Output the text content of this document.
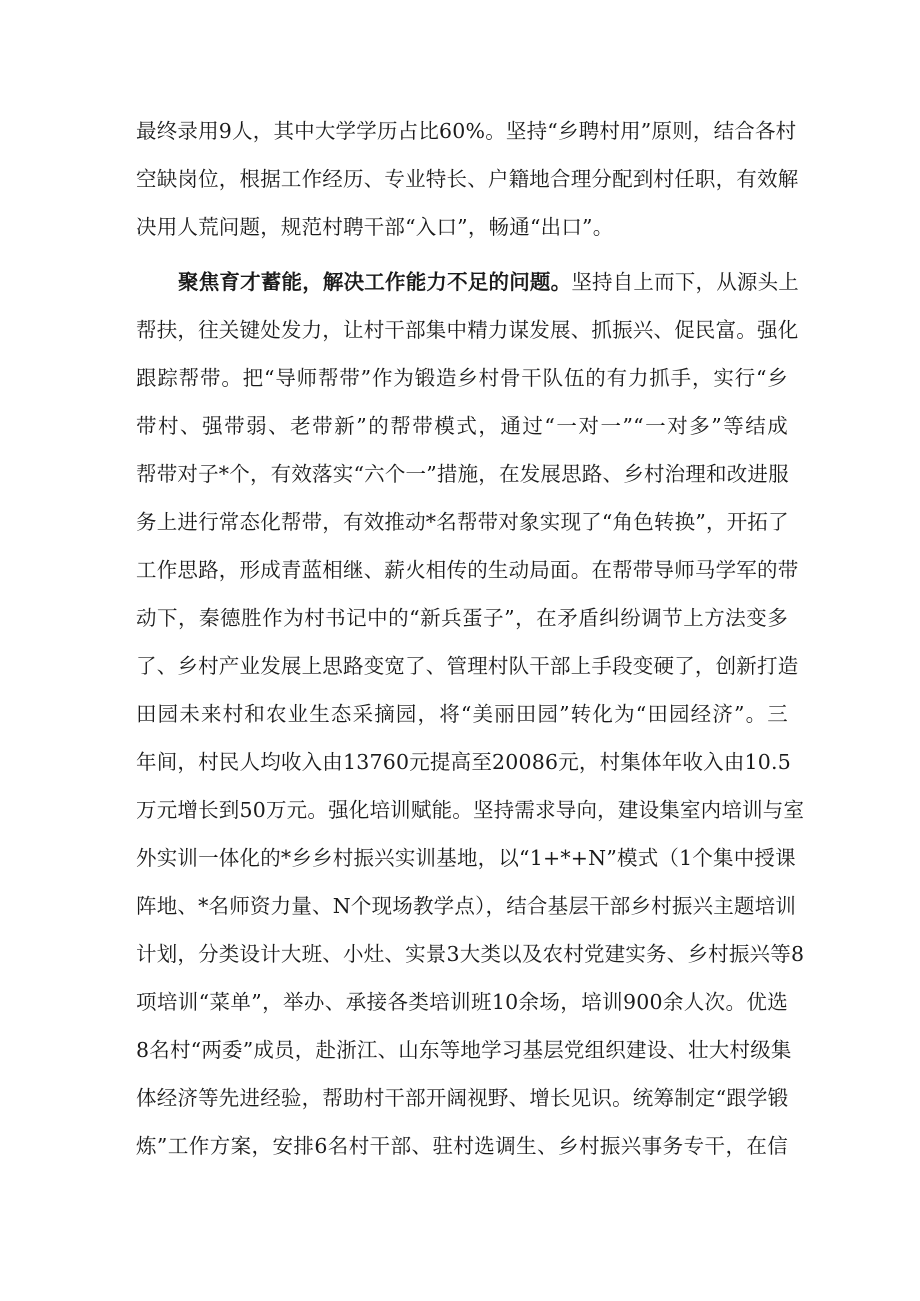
最终录用9人，其中大学学历占比60%。坚持“乡聘村用”原则，结合各村
空缺岗位，根据工作经历、专业特长、户籍地合理分配到村任职，有效解
决用人荒问题，规范村聘干部“入口”，畅通“出口”。
聚焦育才蓄能，解决工作能力不足的问题。坚持自上而下，从源头上
帮扶，往关键处发力，让村干部集中精力谋发展、抓振兴、促民富。强化
跟踪帮带。把“导师帮带”作为锻造乡村骨干队伍的有力抓手，实行“乡
带村、强带弱、老带新”的帮带模式，通过“一对一”“一对多”等结成
帮带对子*个，有效落实“六个一”措施，在发展思路、乡村治理和改进服
务上进行常态化帮带，有效推动*名帮带对象实现了“角色转换”，开拓了
工作思路，形成青蓝相继、薪火相传的生动局面。在帮带导师马学军的带
动下，秦德胜作为村书记中的“新兵蛋子”，在矛盾纠纷调节上方法变多
了、乡村产业发展上思路变宽了、管理村队干部上手段变硬了，创新打造
田园未来村和农业生态采摘园，将“美丽田园”转化为“田园经济”。三
年间，村民人均收入由13760元提高至20086元，村集体年收入由10.5
万元增长到50万元。强化培训赋能。坚持需求导向，建设集室内培训与室
外实训一体化的*乡乡村振兴实训基地，以“1+*+N”模式（1个集中授课
阵地、*名师资力量、N个现场教学点），结合基层干部乡村振兴主题培训
计划，分类设计大班、小灶、实景3大类以及农村党建实务、乡村振兴等8
项培训“菜单”，举办、承接各类培训班10余场，培训900余人次。优选
8名村“两委”成员，赴浙江、山东等地学习基层党组织建设、壮大村级集
体经济等先进经验，帮助村干部开阔视野、增长见识。统筹制定“跟学锻
炼”工作方案，安排6名村干部、驻村选调生、乡村振兴事务专干，在信
